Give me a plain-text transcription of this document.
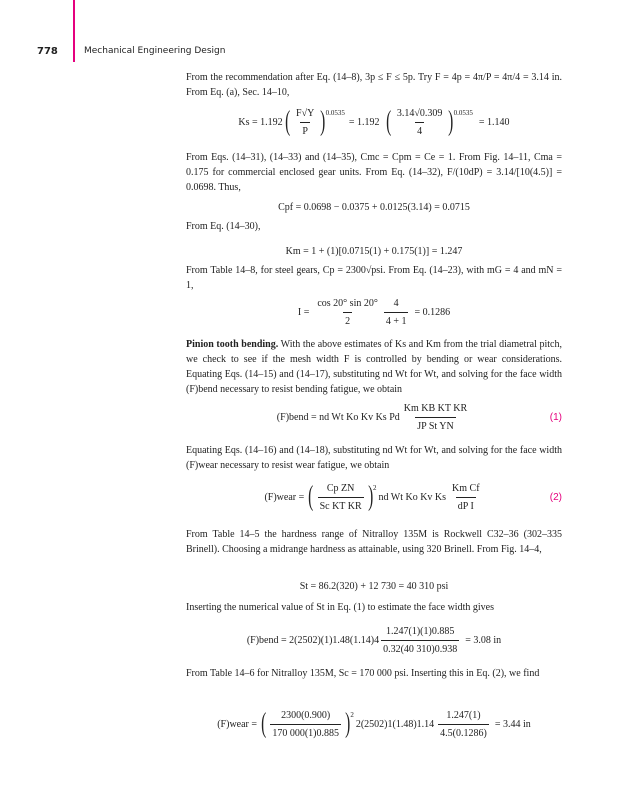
778	Mechanical Engineering Design

From the recommendation after Eq. (14–8), 3p ≤ F ≤ 5p. Try F = 4p = 4π/P = 4π/4 = 3.14 in. From Eq. (a), Sec. 14–10,

Ks = 1.192 ( $\frac{F√Y}{P}$ ) 0.0535
= 1.192 ( $\frac{3.14√0.309}{4}$ ) 0.0535
= 1.140

From Eqs. (14–31), (14–33) and (14–35), Cmc = Cpm = Ce = 1. From Fig. 14–11, Cma = 0.175 for commercial enclosed gear units. From Eq. (14–32), F/(10dP) = 3.14/[10(4.5)] = 0.0698. Thus,

Cpf = 0.0698 − 0.0375 + 0.0125(3.14) = 0.0715

From Eq. (14–30),

Km = 1 + (1)[0.0715(1) + 0.175(1)] = 1.247

From Table 14–8, for steel gears, Cp = 2300√psi. From Eq. (14–23), with mG = 4 and mN = 1,

$I = \frac{\cos 20^\circ \sin 20^\circ}{2} \frac{4}{4 + 1} = 0.1286$

Pinion tooth bending. With the above estimates of Ks and Km from the trial diametral pitch, we check to see if the mesh width F is controlled by bending or wear considerations. Equating Eqs. (14–15) and (14–17), substituting nd Wt for Wt, and solving for the face width (F)bend necessary to resist bending fatigue, we obtain

(F)bend = nd Wt Ko Kv Ks Pd $\frac{\text{Km KB KT KR}}{\text{JP St YN}}$	(1)

Equating Eqs. (14–16) and (14–18), substituting nd Wt for Wt, and solving for the face width (F)wear necessary to resist wear fatigue, we obtain

(F)wear = ( $\frac{\text{Cp ZN}}{\text{Sc KT KR}}$ ) 2
nd Wt Ko Kv Ks $\frac{\text{Km Cf}}{\text{dP I}}$	(2)

From Table 14–5 the hardness range of Nitralloy 135M is Rockwell C32–36 (302–335 Brinell). Choosing a midrange hardness as attainable, using 320 Brinell. From Fig. 14–4,

St = 86.2(320) + 12 730 = 40 310 psi

Inserting the numerical value of St in Eq. (1) to estimate the face width gives

(F)bend = $2(2502)(1)1.48(1.14)4 \frac{1.247(1)(1)0.885}{0.32(40 310)0.938} = 3.08$ in

From Table 14–6 for Nitralloy 135M, Sc = 170 000 psi. Inserting this in Eq. (2), we find

(F)wear = ( $\frac{2300(0.900)}{170 000(1)0.885}$ ) 2
$2(2502)1(1.48)1.14 \frac{1.247(1)}{4.5(0.1286)} = 3.44$ in
